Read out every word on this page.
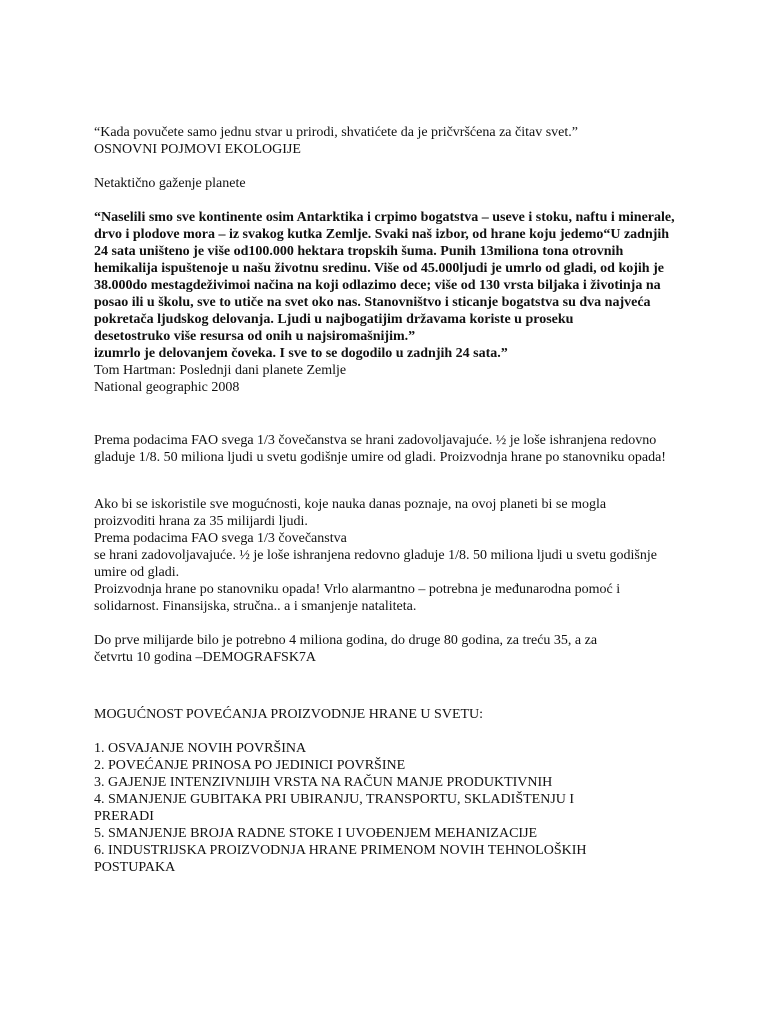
“Kada povučete samo jednu stvar u prirodi, shvatićete da je pričvršćena za čitav svet.”
OSNOVNI POJMOVI EKOLOGIJE
Netaktično gaženje planete
“Naselili smo sve kontinente osim Antarktika i crpimo bogatstva – useve i stoku, naftu i minerale,
drvo i plodove mora – iz svakog kutka Zemlje. Svaki naš izbor, od hrane koju jedemo“U zadnjih
24 sata uništeno je više od100.000 hektara tropskih šuma. Punih 13miliona tona otrovnih
hemikalija ispuštenoje u našu životnu sredinu. Više od 45.000ljudi je umrlo od gladi, od kojih je
38.000do mestagdeživimoi načina na koji odlazimo dece; više od 130 vrsta biljaka i životinja na
posao ili u školu, sve to utiče na svet oko nas. Stanovništvo i sticanje bogatstva su dva najveća
pokretača ljudskog delovanja. Ljudi u najbogatijim državama koriste u proseku
desetostruko više resursa od onih u najsiromašnijim.”
izumrlo je delovanjem čoveka. I sve to se dogodilo u zadnjih 24 sata.”
Tom Hartman: Poslednji dani planete Zemlje
National geographic 2008
Prema podacima FAO svega 1/3 čovečanstva se hrani zadovoljavajuće. ½ je loše ishranjena redovno
gladuje 1/8. 50 miliona ljudi u svetu godišnje umire od gladi. Proizvodnja hrane po stanovniku opada!
Ako bi se iskoristile sve mogućnosti, koje nauka danas poznaje, na ovoj planeti bi se mogla
proizvoditi hrana za 35 milijardi ljudi.
Prema podacima FAO svega 1/3 čovečanstva
se hrani zadovoljavajuće. ½ je loše ishranjena redovno gladuje 1/8. 50 miliona ljudi u svetu godišnje
umire od gladi.
Proizvodnja hrane po stanovniku opada! Vrlo alarmantno – potrebna je međunarodna pomoć i
solidarnost. Finansijska, stručna.. a i smanjenje nataliteta.
Do prve milijarde bilo je potrebno 4 miliona godina, do druge 80 godina, za treću 35, a za
četvrtu 10 godina –DEMOGRAFSK7A
MOGUĆNOST POVEĆANJA PROIZVODNJE HRANE U SVETU:
1. OSVAJANJE NOVIH POVRŠINA
2. POVEĆANJE PRINOSA PO JEDINICI POVRŠINE
3. GAJENJE INTENZIVNIJIH VRSTA NA RAČUN MANJE PRODUKTIVNIH
4. SMANJENJE GUBITAKA PRI UBIRANJU, TRANSPORTU, SKLADIŠTENJU I
PRERADI
5. SMANJENJE BROJA RADNE STOKE I UVOĐENJEM MEHANIZACIJE
6. INDUSTRIJSKA PROIZVODNJA HRANE PRIMENOM NOVIH TEHNOLOŠKIH
POSTUPAKA
